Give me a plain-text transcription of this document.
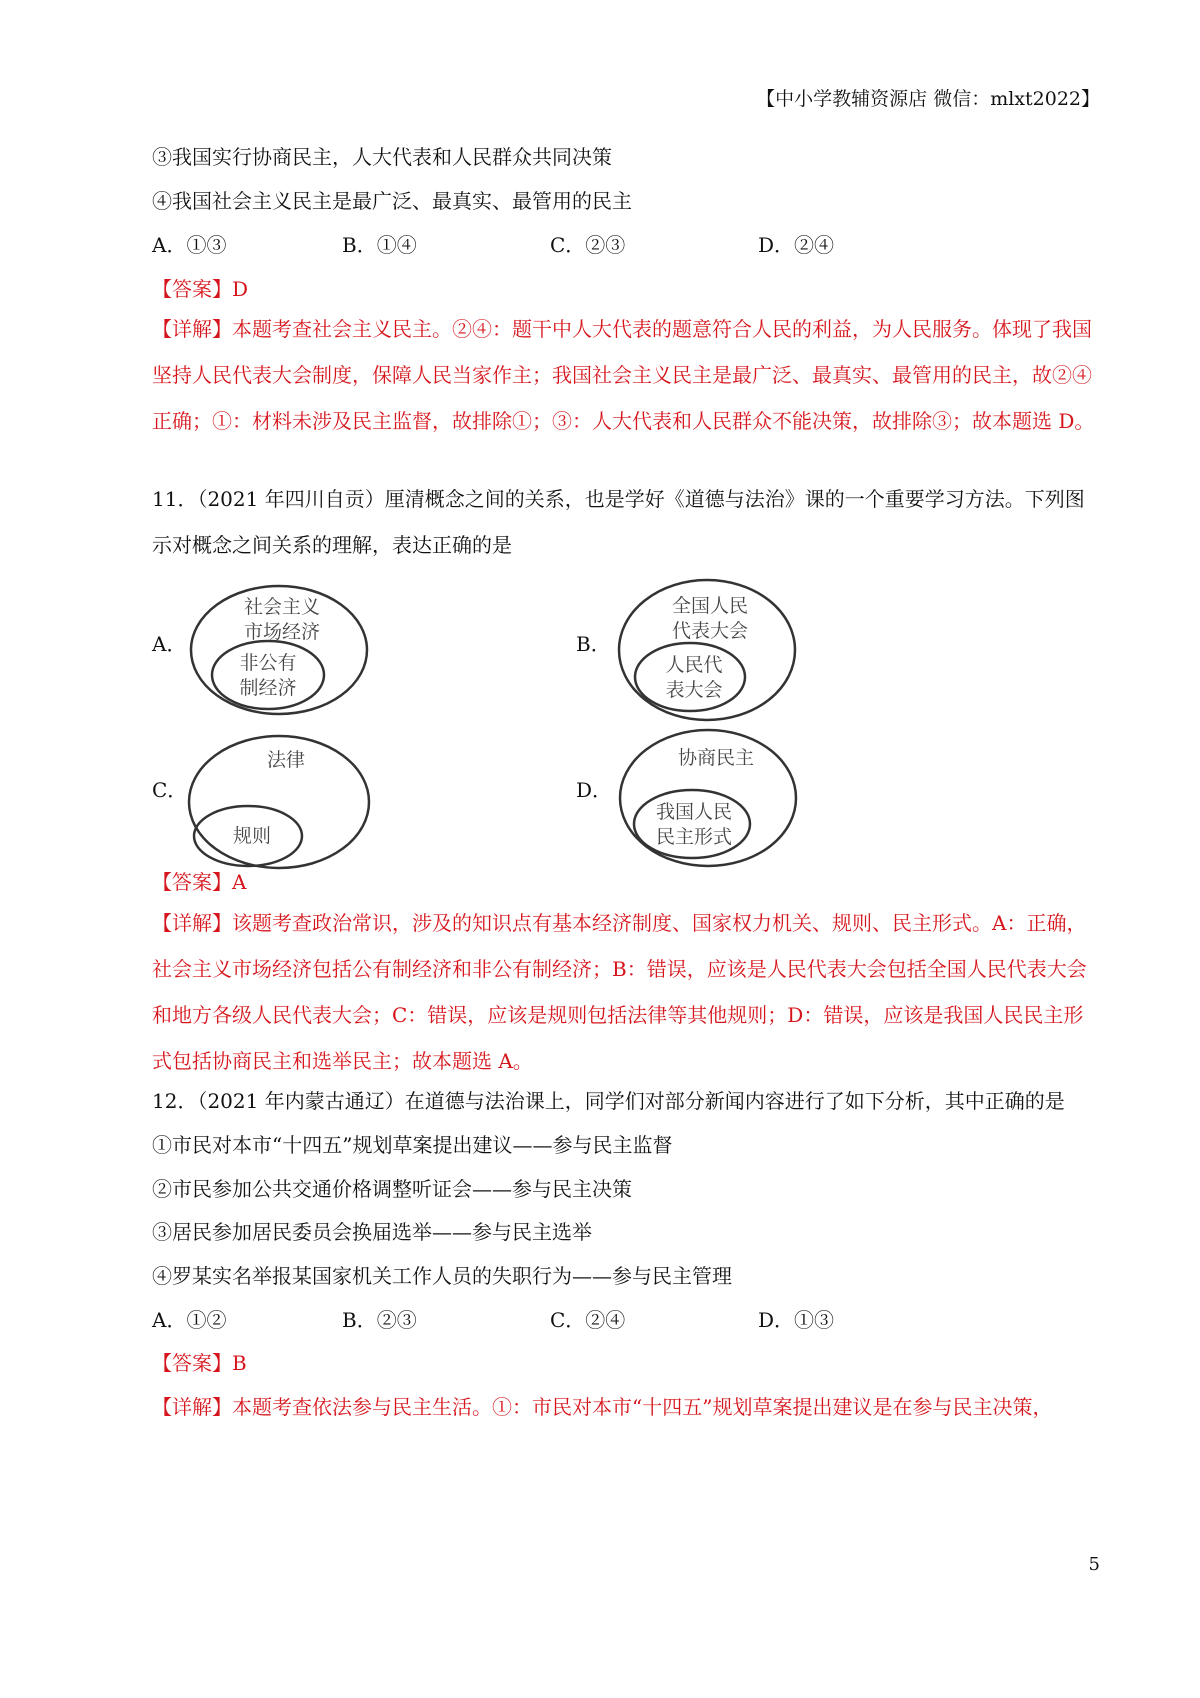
【中小学教辅资源店 微信：mlxt2022】
③我国实行协商民主，人大代表和人民群众共同决策
④我国社会主义民主是最广泛、最真实、最管用的民主
A．①③	B．①④	C．②③	D．②④
【答案】D

【详解】本题考查社会主义民主。②④：题干中人大代表的题意符合人民的利益，为人民服务。体现了我国坚持人民代表大会制度，保障人民当家作主；我国社会主义民主是最广泛、最真实、最管用的民主，故②④正确；①：材料未涉及民主监督，故排除①；③：人大代表和人民群众不能决策，故排除③；故本题选 D。

11．（2021 年四川自贡）厘清概念之间的关系，也是学好《道德与法治》课的一个重要学习方法。下列图示对概念之间关系的理解，表达正确的是

A．
社会主义
市场经济
非公有
制经济
B．
全国人民
代表大会
人民代
表大会
C．
法律
规则
D．
协商民主
我国人民
民主形式
【答案】A

【详解】该题考查政治常识，涉及的知识点有基本经济制度、国家权力机关、规则、民主形式。A：正确，社会主义市场经济包括公有制经济和非公有制经济；B：错误，应该是人民代表大会包括全国人民代表大会和地方各级人民代表大会；C：错误，应该是规则包括法律等其他规则；D：错误，应该是我国人民民主形式包括协商民主和选举民主；故本题选 A。

12．（2021 年内蒙古通辽）在道德与法治课上，同学们对部分新闻内容进行了如下分析，其中正确的是
①市民对本市“十四五”规划草案提出建议——参与民主监督
②市民参加公共交通价格调整听证会——参与民主决策
③居民参加居民委员会换届选举——参与民主选举
④罗某实名举报某国家机关工作人员的失职行为——参与民主管理
A．①②	B．②③	C．②④	D．①③
【答案】B
【详解】本题考查依法参与民主生活。①：市民对本市“十四五”规划草案提出建议是在参与民主决策，
5
